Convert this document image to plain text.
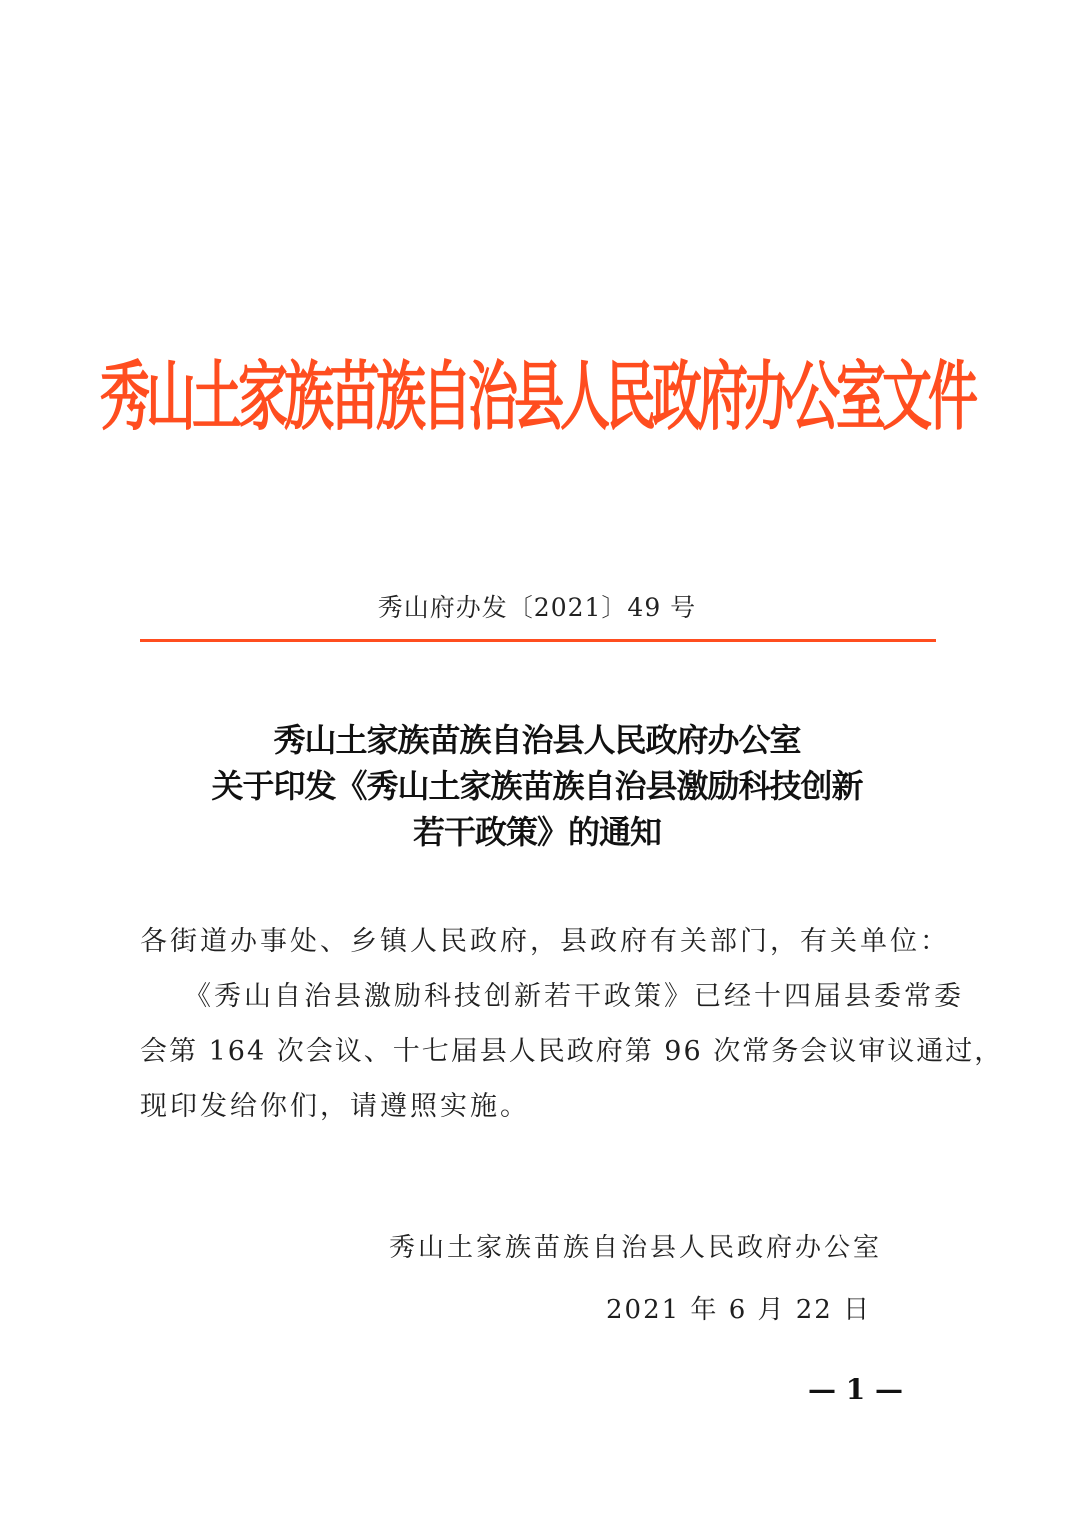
秀山土家族苗族自治县人民政府办公室文件
秀山府办发〔2021〕49 号
秀山土家族苗族自治县人民政府办公室
关于印发《秀山土家族苗族自治县激励科技创新
若干政策》的通知
各街道办事处、乡镇人民政府，县政府有关部门，有关单位：
《秀山自治县激励科技创新若干政策》已经十四届县委常委
会第 164 次会议、十七届县人民政府第 96 次常务会议审议通过，
现印发给你们，请遵照实施。
秀山土家族苗族自治县人民政府办公室
2021 年 6 月 22 日
— 1 —
